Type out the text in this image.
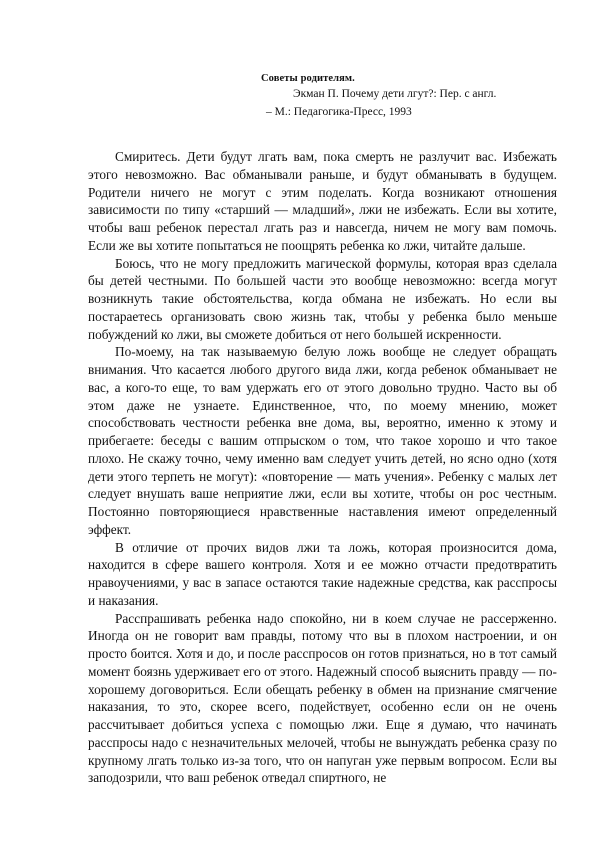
Советы родителям.
Экман П. Почему дети лгут?: Пер. с англ.
– М.: Педагогика-Пресс, 1993

Смиритесь. Дети будут лгать вам, пока смерть не разлучит вас. Избежать этого невозможно. Вас обманывали раньше, и будут обманывать в будущем. Родители ничего не могут с этим поделать. Когда возникают отношения зависимости по типу «старший — младший», лжи не избежать. Если вы хотите, чтобы ваш ребенок перестал лгать раз и навсегда, ничем не могу вам помочь. Если же вы хотите попытаться не поощрять ребенка ко лжи, читайте дальше.

Боюсь, что не могу предложить магической формулы, которая враз сделала бы детей честными. По большей части это вообще невозможно: всегда могут возникнуть такие обстоятельства, когда обмана не избежать. Но если вы постараетесь организовать свою жизнь так, чтобы у ребенка было меньше побуждений ко лжи, вы сможете добиться от него большей искренности.

По-моему, на так называемую белую ложь вообще не следует обращать внимания. Что касается любого другого вида лжи, когда ребенок обманывает не вас, а кого-то еще, то вам удержать его от этого довольно трудно. Часто вы об этом даже не узнаете. Единственное, что, по моему мнению, может способствовать честности ребенка вне дома, вы, вероятно, именно к этому и прибегаете: беседы с вашим отпрыском о том, что такое хорошо и что такое плохо. Не скажу точно, чему именно вам следует учить детей, но ясно одно (хотя дети этого терпеть не могут): «повторение — мать учения». Ребенку с малых лет следует внушать ваше неприятие лжи, если вы хотите, чтобы он рос честным. Постоянно повторяющиеся нравственные наставления имеют определенный эффект.

В отличие от прочих видов лжи та ложь, которая произносится дома, находится в сфере вашего контроля. Хотя и ее можно отчасти предотвратить нравоучениями, у вас в запасе остаются такие надежные средства, как расспросы и наказания.

Расспрашивать ребенка надо спокойно, ни в коем случае не рассерженно. Иногда он не говорит вам правды, потому что вы в плохом настроении, и он просто боится. Хотя и до, и после расспросов он готов признаться, но в тот самый момент боязнь удерживает его от этого. Надежный способ выяснить правду — по-хорошему договориться. Если обещать ребенку в обмен на признание смягчение наказания, то это, скорее всего, подействует, особенно если он не очень рассчитывает добиться успеха с помощью лжи. Еще я думаю, что начинать расспросы надо с незначительных мелочей, чтобы не вынуждать ребенка сразу по крупному лгать только из-за того, что он напуган уже первым вопросом. Если вы заподозрили, что ваш ребенок отведал спиртного, не
